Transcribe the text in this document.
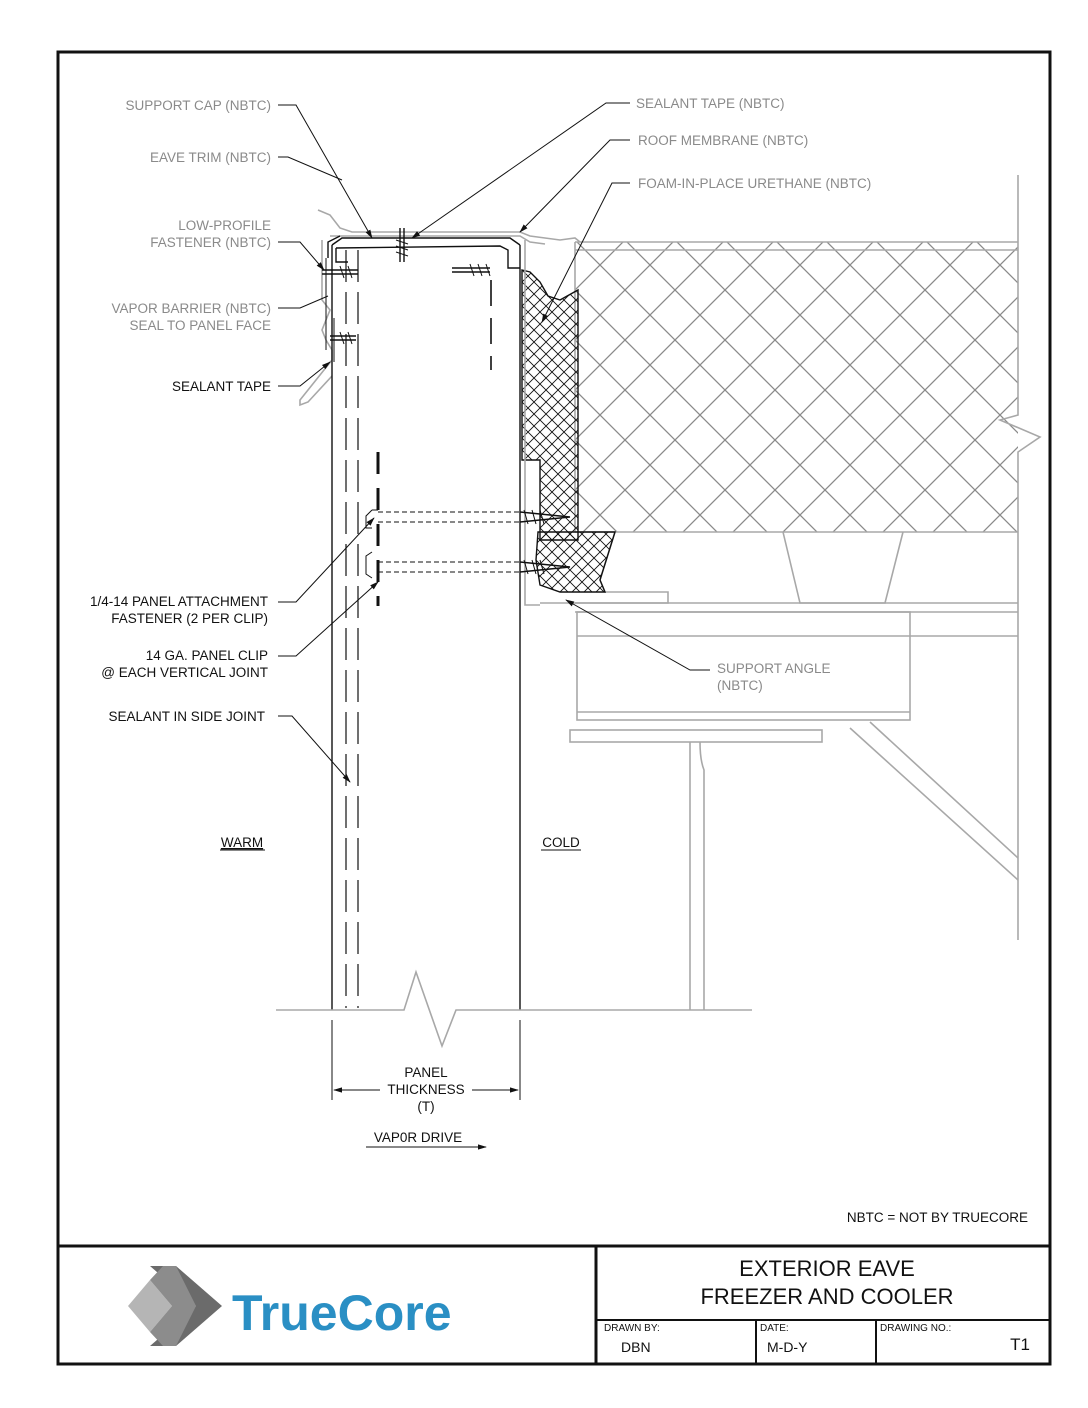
SUPPORT CAP (NBTC)
EAVE TRIM (NBTC)
LOW-PROFILE
FASTENER (NBTC)
VAPOR BARRIER (NBTC)
SEAL TO PANEL FACE
SEALANT TAPE
SEALANT TAPE (NBTC)
ROOF MEMBRANE (NBTC)
FOAM-IN-PLACE URETHANE (NBTC)
1/4-14 PANEL ATTACHMENT
FASTENER (2 PER CLIP)
14 GA. PANEL CLIP
@ EACH VERTICAL JOINT
SEALANT IN SIDE JOINT
SUPPORT ANGLE
(NBTC)
WARM	COLD
PANEL
THICKNESS
(T)
VAP0R DRIVE
NBTC = NOT BY TRUECORE
TrueCore
EXTERIOR EAVE
FREEZER AND COOLER
DRAWN BY:
DBN
DATE:
M-D-Y
DRAWING NO.:
T1
